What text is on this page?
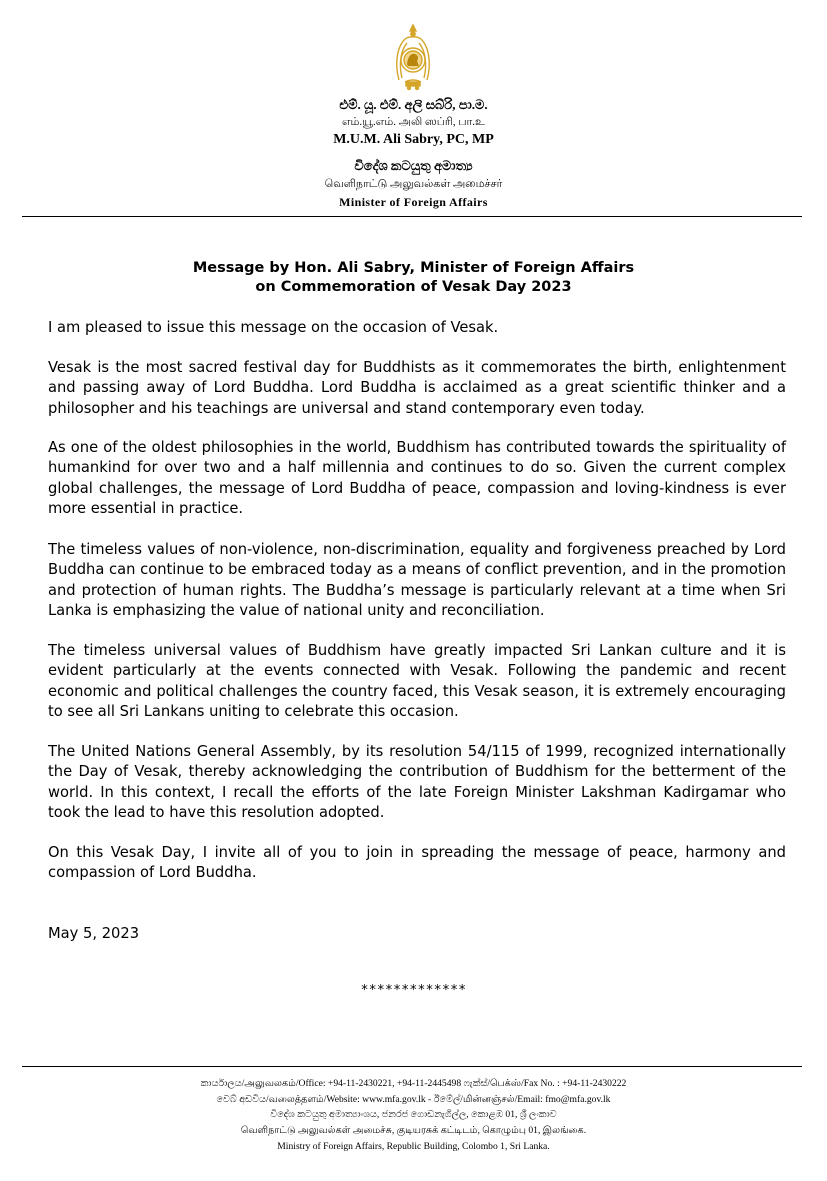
එම්. යූ. එම්. අලි සබ්රි, පා.ම.
எம்.யூ.எம். அலி ஸப்ரி, பா.உ
M.U.M. Ali Sabry, PC, MP
විදේශ කටයුතු අමාත්‍ය
வெளிநாட்டு அலுவல்கள் அமைச்சர்
Minister of Foreign Affairs
Message by Hon. Ali Sabry, Minister of Foreign Affairs
on Commemoration of Vesak Day 2023
I am pleased to issue this message on the occasion of Vesak.
Vesak is the most sacred festival day for Buddhists as it commemorates the birth, enlightenment and passing away of Lord Buddha. Lord Buddha is acclaimed as a great scientific thinker and a philosopher and his teachings are universal and stand contemporary even today.
As one of the oldest philosophies in the world, Buddhism has contributed towards the spirituality of humankind for over two and a half millennia and continues to do so. Given the current complex global challenges, the message of Lord Buddha of peace, compassion and loving-kindness is ever more essential in practice.
The timeless values of non-violence, non-discrimination, equality and forgiveness preached by Lord Buddha can continue to be embraced today as a means of conflict prevention, and in the promotion and protection of human rights. The Buddha’s message is particularly relevant at a time when Sri Lanka is emphasizing the value of national unity and reconciliation.
The timeless universal values of Buddhism have greatly impacted Sri Lankan culture and it is evident particularly at the events connected with Vesak. Following the pandemic and recent economic and political challenges the country faced, this Vesak season, it is extremely encouraging to see all Sri Lankans uniting to celebrate this occasion.
The United Nations General Assembly, by its resolution 54/115 of 1999, recognized internationally the Day of Vesak, thereby acknowledging the contribution of Buddhism for the betterment of the world. In this context, I recall the efforts of the late Foreign Minister Lakshman Kadirgamar who took the lead to have this resolution adopted.
On this Vesak Day, I invite all of you to join in spreading the message of peace, harmony and compassion of Lord Buddha.
May 5, 2023
*************
කාර්යාලය/அலுவலகம்/Office: +94-11-2430221, +94-11-2445498 ෆැක්ස්/பெக்ஸ்/Fax No. : +94-11-2430222
වෙබ් අඩවිය/வலைத்தளம்/Website: www.mfa.gov.lk - ඊමේල්/மின்னஞ்சல்/Email: fmo@mfa.gov.lk
විදේශ කටයුතු අමාත්‍යාංශය, ජනරජ ගොඩනැගිල්ල, කොළඹ 01, ශ්‍රී ලංකාව
வெளிநாட்டு அலுவல்கள் அமைச்சு, குடியரசுக் கட்டிடம், கொழும்பு 01, இலங்கை.
Ministry of Foreign Affairs, Republic Building, Colombo 1, Sri Lanka.
